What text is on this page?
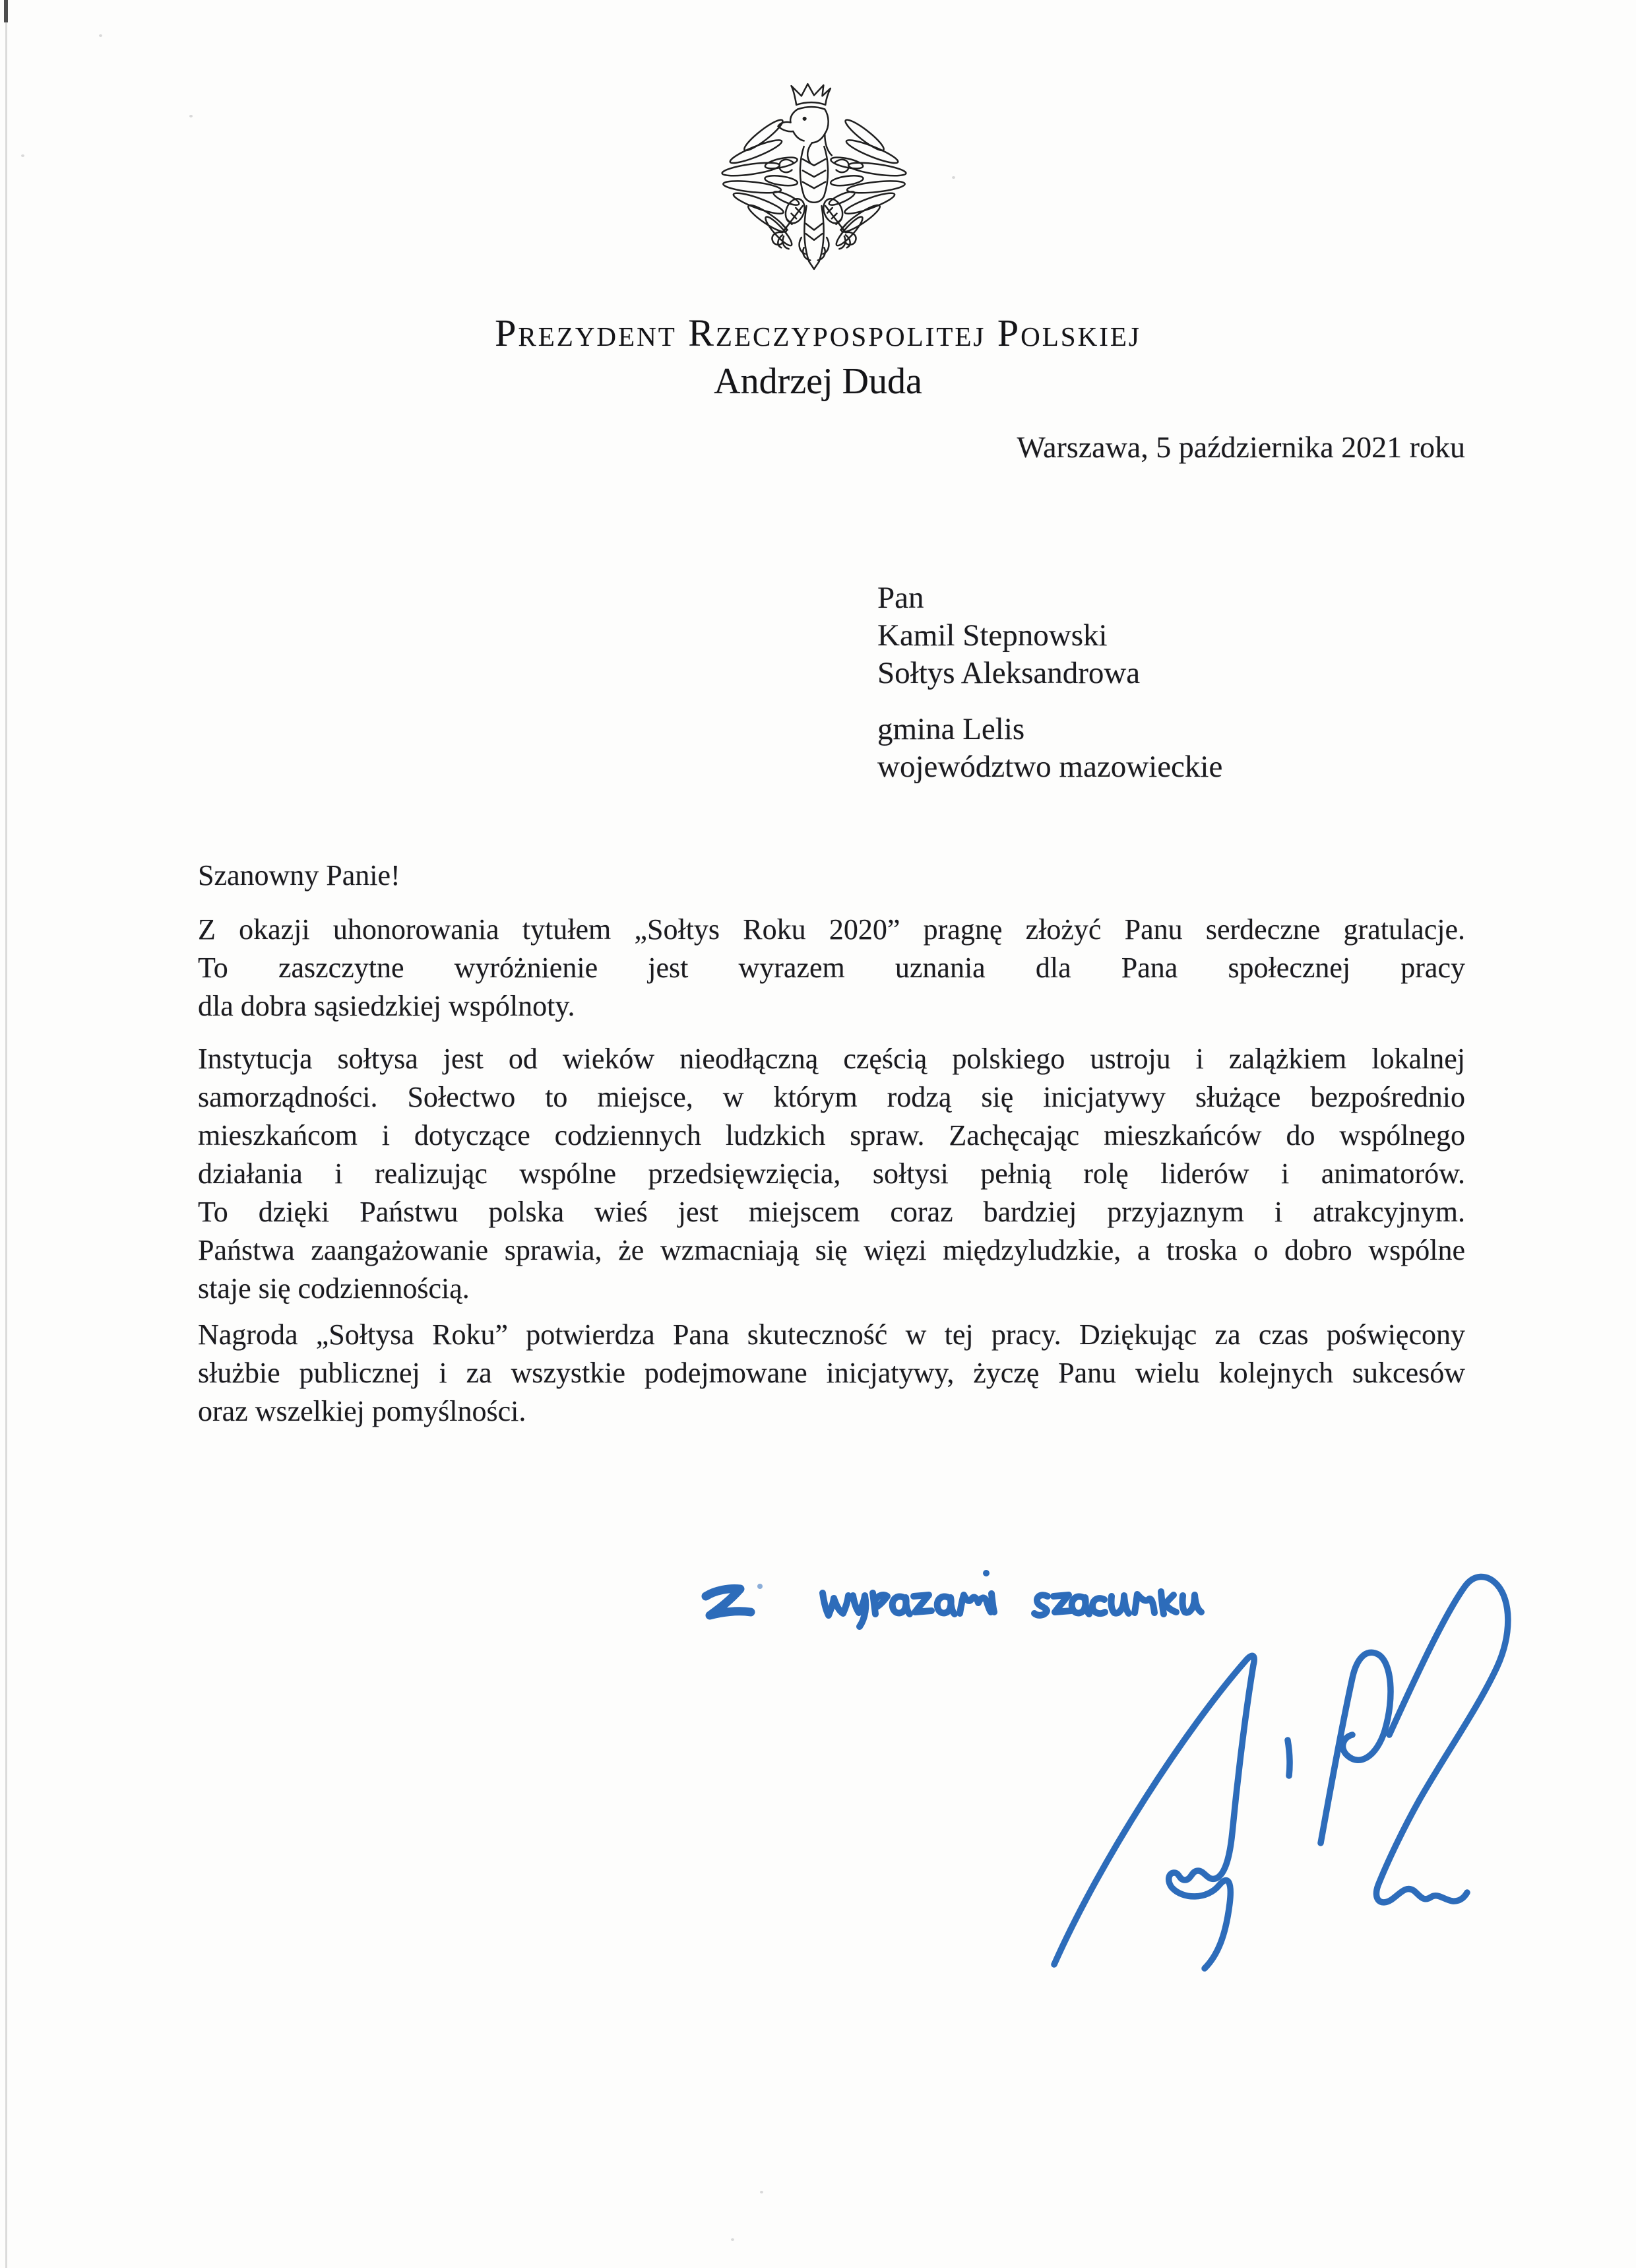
Prezydent Rzeczypospolitej Polskiej
Andrzej Duda
Warszawa, 5 października 2021 roku
Pan
Kamil Stepnowski
Sołtys Aleksandrowa
gmina Lelis
województwo mazowieckie
Szanowny Panie!
Z okazji uhonorowania tytułem „Sołtys Roku 2020” pragnę złożyć Panu serdeczne gratulacje.
To zaszczytne wyróżnienie jest wyrazem uznania dla Pana społecznej pracy
dla dobra sąsiedzkiej wspólnoty.
Instytucja sołtysa jest od wieków nieodłączną częścią polskiego ustroju i zalążkiem lokalnej
samorządności. Sołectwo to miejsce, w którym rodzą się inicjatywy służące bezpośrednio
mieszkańcom i dotyczące codziennych ludzkich spraw. Zachęcając mieszkańców do wspólnego
działania i realizując wspólne przedsięwzięcia, sołtysi pełnią rolę liderów i animatorów.
To dzięki Państwu polska wieś jest miejscem coraz bardziej przyjaznym i atrakcyjnym.
Państwa zaangażowanie sprawia, że wzmacniają się więzi międzyludzkie, a troska o dobro wspólne
staje się codziennością.
Nagroda „Sołtysa Roku” potwierdza Pana skuteczność w tej pracy. Dziękując za czas poświęcony
służbie publicznej i za wszystkie podejmowane inicjatywy, życzę Panu wielu kolejnych sukcesów
oraz wszelkiej pomyślności.
